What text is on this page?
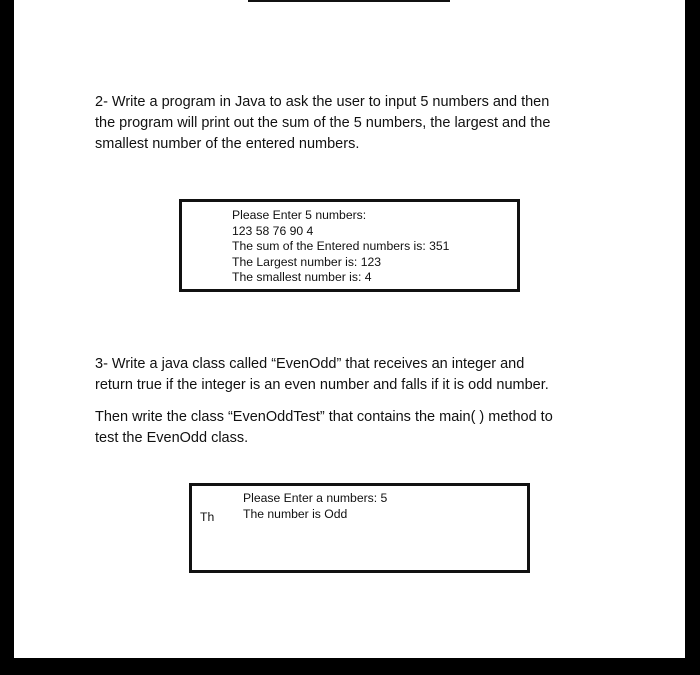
2- Write a program in Java to ask the user to input 5 numbers and then
the program will print out the sum of the 5 numbers, the largest and the
smallest number of the entered numbers.

Please Enter 5 numbers:
123 58 76 90 4
The sum of the Entered numbers is: 351
The Largest number is: 123
The smallest number is: 4

3- Write a java class called “EvenOdd” that receives an integer and
return true if the integer is an even number and falls if it is odd number.

Then write the class “EvenOddTest” that contains the main( ) method to
test the EvenOdd class.

Th
Please Enter a numbers: 5
The number is Odd
